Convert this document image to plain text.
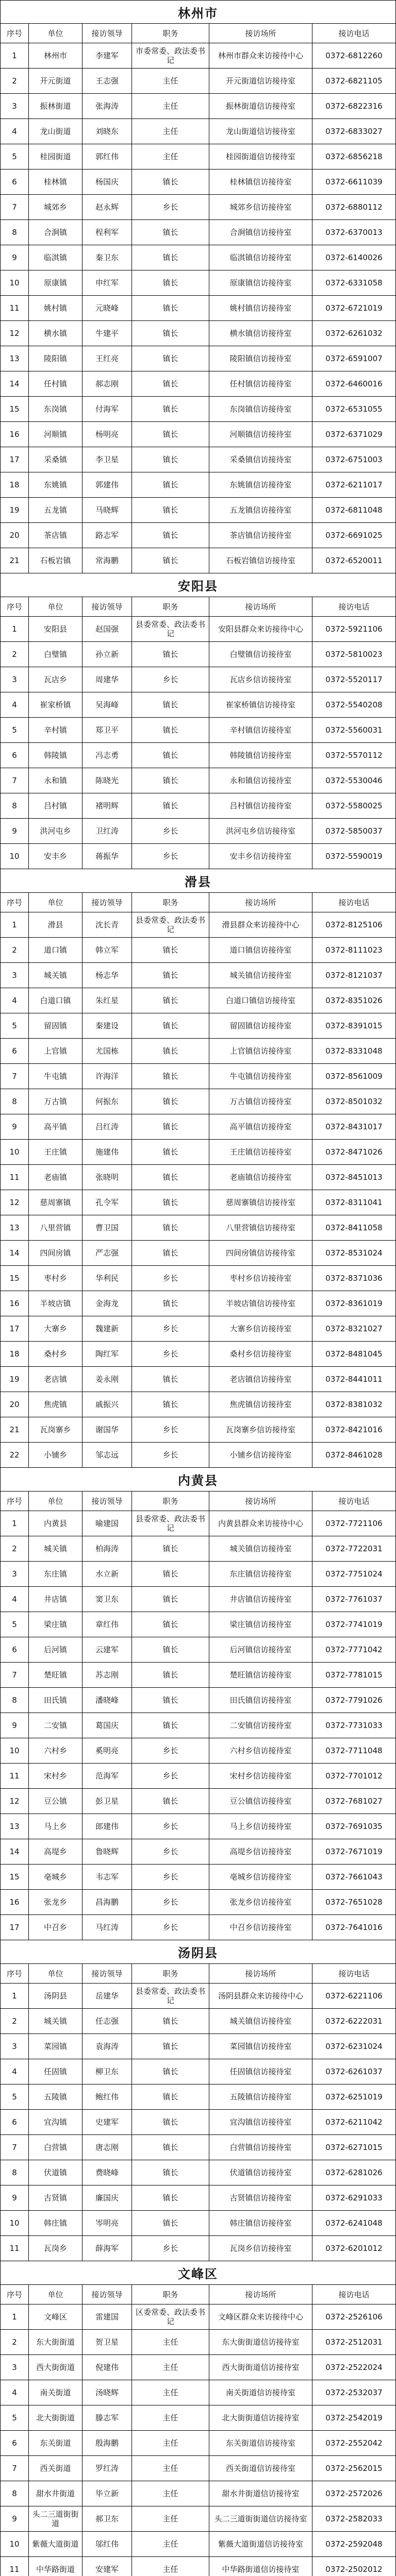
林州市
序号	单位	接访领导	职务	接访场所	接访电话
1	林州市	李建军	市委常委、政法委书记	林州市群众来访接待中心	0372-6812260
2	开元街道	王志强	主任	开元街道信访接待室	0372-6821105
3	振林街道	张海涛	主任	振林街道信访接待室	0372-6822316
4	龙山街道	刘晓东	主任	龙山街道信访接待室	0372-6833027
5	桂园街道	郭红伟	主任	桂园街道信访接待室	0372-6856218
6	桂林镇	杨国庆	镇长	桂林镇信访接待室	0372-6611039
7	城郊乡	赵永辉	乡长	城郊乡信访接待室	0372-6880112
8	合涧镇	程利军	镇长	合涧镇信访接待室	0372-6370013
9	临淇镇	秦卫东	镇长	临淇镇信访接待室	0372-6140026
10	原康镇	申红军	镇长	原康镇信访接待室	0372-6331058
11	姚村镇	元晓峰	镇长	姚村镇信访接待室	0372-6721019
12	横水镇	牛建平	镇长	横水镇信访接待室	0372-6261032
13	陵阳镇	王红亮	镇长	陵阳镇信访接待室	0372-6591007
14	任村镇	郝志刚	镇长	任村镇信访接待室	0372-6460016
15	东岗镇	付海军	镇长	东岗镇信访接待室	0372-6531055
16	河顺镇	杨明亮	镇长	河顺镇信访接待室	0372-6371029
17	采桑镇	李卫星	镇长	采桑镇信访接待室	0372-6751003
18	东姚镇	郭建伟	镇长	东姚镇信访接待室	0372-6211017
19	五龙镇	马晓辉	镇长	五龙镇信访接待室	0372-6811048
20	茶店镇	路志军	镇长	茶店镇信访接待室	0372-6691025
21	石板岩镇	常海鹏	镇长	石板岩镇信访接待室	0372-6520011
安阳县
序号	单位	接访领导	职务	接访场所	接访电话
1	安阳县	赵国强	县委常委、政法委书记	安阳县群众来访接待中心	0372-5921106
2	白璧镇	孙立新	镇长	白璧镇信访接待室	0372-5810023
3	瓦店乡	周建华	乡长	瓦店乡信访接待室	0372-5520117
4	崔家桥镇	吴海峰	镇长	崔家桥镇信访接待室	0372-5540208
5	辛村镇	郑卫平	镇长	辛村镇信访接待室	0372-5560031
6	韩陵镇	冯志勇	镇长	韩陵镇信访接待室	0372-5570112
7	永和镇	陈晓光	镇长	永和镇信访接待室	0372-5530046
8	吕村镇	褚明辉	镇长	吕村镇信访接待室	0372-5580025
9	洪河屯乡	卫红涛	乡长	洪河屯乡信访接待室	0372-5850037
10	安丰乡	蒋振华	乡长	安丰乡信访接待室	0372-5590019
滑县
序号	单位	接访领导	职务	接访场所	接访电话
1	滑县	沈长青	县委常委、政法委书记	滑县群众来访接待中心	0372-8125106
2	道口镇	韩立军	镇长	道口镇信访接待室	0372-8111023
3	城关镇	杨志华	镇长	城关镇信访接待室	0372-8121037
4	白道口镇	朱红星	镇长	白道口镇信访接待室	0372-8351026
5	留固镇	秦建设	镇长	留固镇信访接待室	0372-8391015
6	上官镇	尤国栋	镇长	上官镇信访接待室	0372-8331048
7	牛屯镇	许海洋	镇长	牛屯镇信访接待室	0372-8561009
8	万古镇	何振东	镇长	万古镇信访接待室	0372-8501032
9	高平镇	吕红涛	镇长	高平镇信访接待室	0372-8431017
10	王庄镇	施建伟	镇长	王庄镇信访接待室	0372-8471026
11	老庙镇	张晓明	镇长	老庙镇信访接待室	0372-8451013
12	慈周寨镇	孔令军	镇长	慈周寨镇信访接待室	0372-8311041
13	八里营镇	曹卫国	镇长	八里营镇信访接待室	0372-8411058
14	四间房镇	严志强	镇长	四间房镇信访接待室	0372-8531024
15	枣村乡	华利民	乡长	枣村乡信访接待室	0372-8371036
16	半坡店镇	金海龙	镇长	半坡店镇信访接待室	0372-8361019
17	大寨乡	魏建新	乡长	大寨乡信访接待室	0372-8321027
18	桑村乡	陶红军	乡长	桑村乡信访接待室	0372-8481045
19	老店镇	姜永刚	镇长	老店镇信访接待室	0372-8441011
20	焦虎镇	戚振兴	镇长	焦虎镇信访接待室	0372-8381032
21	瓦岗寨乡	谢国华	乡长	瓦岗寨乡信访接待室	0372-8421016
22	小铺乡	邹志远	乡长	小铺乡信访接待室	0372-8461028
内黄县
序号	单位	接访领导	职务	接访场所	接访电话
1	内黄县	喻建国	县委常委、政法委书记	内黄县群众来访接待中心	0372-7721106
2	城关镇	柏海涛	镇长	城关镇信访接待室	0372-7722031
3	东庄镇	水立新	镇长	东庄镇信访接待室	0372-7751024
4	井店镇	窦卫东	镇长	井店镇信访接待室	0372-7761037
5	梁庄镇	章红伟	镇长	梁庄镇信访接待室	0372-7741019
6	后河镇	云建军	镇长	后河镇信访接待室	0372-7771042
7	楚旺镇	苏志刚	镇长	楚旺镇信访接待室	0372-7781015
8	田氏镇	潘晓峰	镇长	田氏镇信访接待室	0372-7791026
9	二安镇	葛国庆	镇长	二安镇信访接待室	0372-7731033
10	六村乡	奚明亮	乡长	六村乡信访接待室	0372-7711048
11	宋村乡	范海军	乡长	宋村乡信访接待室	0372-7701012
12	豆公镇	彭卫星	镇长	豆公镇信访接待室	0372-7681027
13	马上乡	郎建伟	乡长	马上乡信访接待室	0372-7691035
14	高堤乡	鲁晓辉	乡长	高堤乡信访接待室	0372-7671019
15	亳城乡	韦志军	乡长	亳城乡信访接待室	0372-7661043
16	张龙乡	昌海鹏	乡长	张龙乡信访接待室	0372-7651028
17	中召乡	马红涛	乡长	中召乡信访接待室	0372-7641016
汤阴县
序号	单位	接访领导	职务	接访场所	接访电话
1	汤阴县	岳建华	县委常委、政法委书记	汤阴县群众来访接待中心	0372-6221106
2	城关镇	任志强	镇长	城关镇信访接待室	0372-6222031
3	菜园镇	袁海涛	镇长	菜园镇信访接待室	0372-6231024
4	任固镇	柳卫东	镇长	任固镇信访接待室	0372-6261037
5	五陵镇	鲍红伟	镇长	五陵镇信访接待室	0372-6251019
6	宜沟镇	史建军	镇长	宜沟镇信访接待室	0372-6211042
7	白营镇	唐志刚	镇长	白营镇信访接待室	0372-6271015
8	伏道镇	费晓峰	镇长	伏道镇信访接待室	0372-6281026
9	古贤镇	廉国庆	镇长	古贤镇信访接待室	0372-6291033
10	韩庄镇	岑明亮	镇长	韩庄镇信访接待室	0372-6241048
11	瓦岗乡	薛海军	乡长	瓦岗乡信访接待室	0372-6201012
文峰区
序号	单位	接访领导	职务	接访场所	接访电话
1	文峰区	雷建国	区委常委、政法委书记	文峰区群众来访接待中心	0372-2526106
2	东大街街道	贺卫星	主任	东大街街道信访接待室	0372-2512031
3	西大街街道	倪建伟	主任	西大街街道信访接待室	0372-2522024
4	南关街道	汤晓辉	主任	南关街道信访接待室	0372-2532037
5	北大街街道	滕志军	主任	北大街街道信访接待室	0372-2542019
6	东关街道	殷海鹏	主任	东关街道信访接待室	0372-2552042
7	西关街道	罗红涛	主任	西关街道信访接待室	0372-2562015
8	甜水井街道	毕立新	主任	甜水井街道信访接待室	0372-2572026
9	头二三道街街道	郝卫东	主任	头二三道街街道信访接待室	0372-2582033
10	紫薇大道街道	邬红伟	主任	紫薇大道街道信访接待室	0372-2592048
11	中华路街道	安建军	主任	中华路街道信访接待室	0372-2502012
